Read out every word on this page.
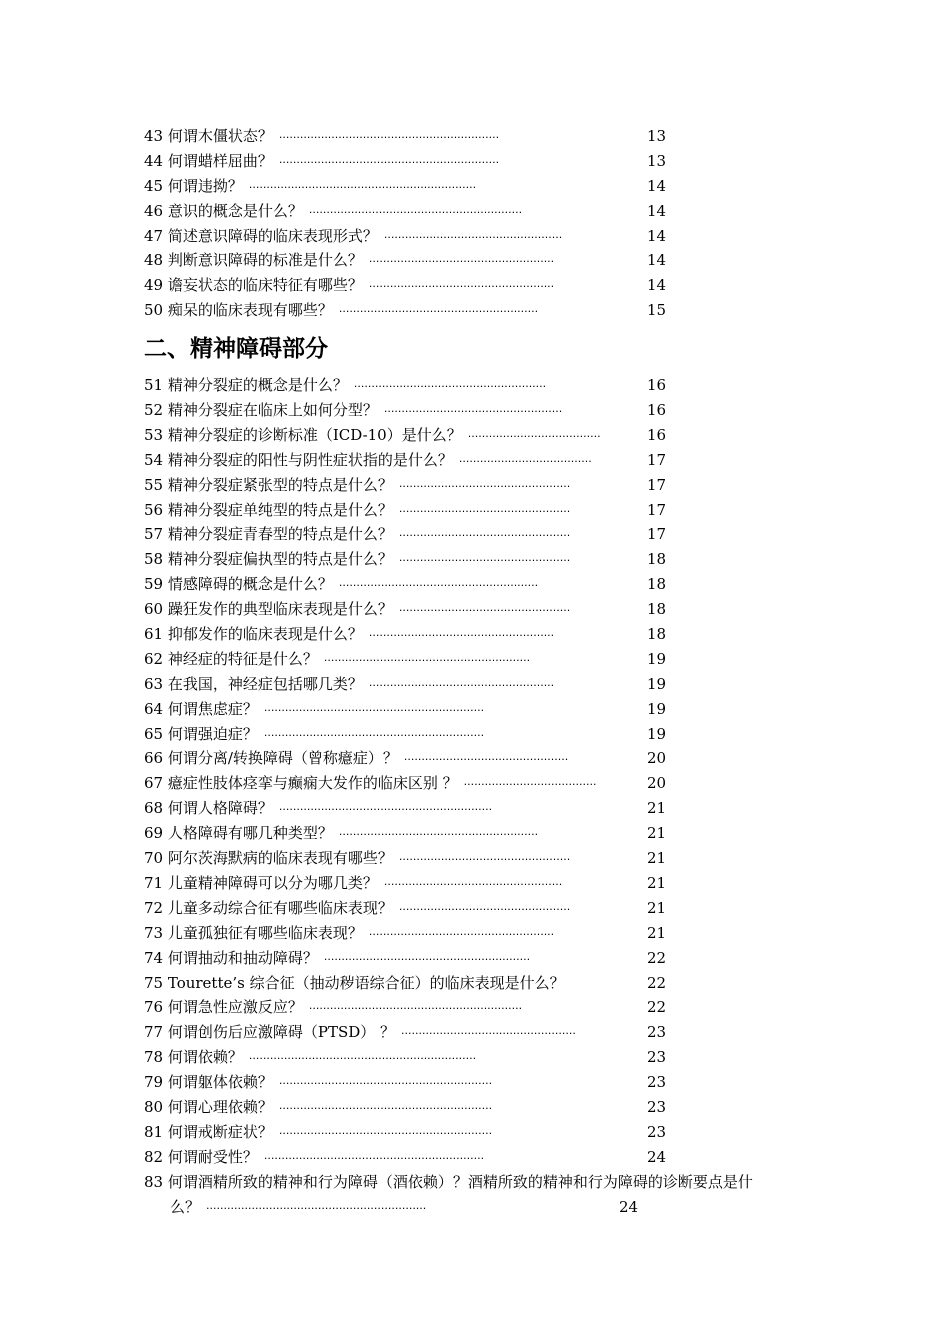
43 何谓木僵状态？ ·······························································	13
44 何谓蜡样屈曲？ ·······························································	13
45 何谓违拗？ ·································································	14
46 意识的概念是什么？ ·····························································	14
47 简述意识障碍的临床表现形式？ ···················································	14
48 判断意识障碍的标准是什么？ ·····················································	14
49 谵妄状态的临床特征有哪些？ ·····················································	14
50 痴呆的临床表现有哪些？ ·························································	15
二、精神障碍部分
51 精神分裂症的概念是什么？ ·······················································	16
52 精神分裂症在临床上如何分型？ ···················································	16
53 精神分裂症的诊断标准（ICD-10）是什么？ ······································	16
54 精神分裂症的阳性与阴性症状指的是什么？ ······································	17
55 精神分裂症紧张型的特点是什么？ ·················································	17
56 精神分裂症单纯型的特点是什么？ ·················································	17
57 精神分裂症青春型的特点是什么？ ·················································	17
58 精神分裂症偏执型的特点是什么？ ·················································	18
59 情感障碍的概念是什么？ ·························································	18
60 躁狂发作的典型临床表现是什么？ ·················································	18
61 抑郁发作的临床表现是什么？ ·····················································	18
62 神经症的特征是什么？ ···························································	19
63 在我国，神经症包括哪几类？ ·····················································	19
64 何谓焦虑症？ ·······························································	19
65 何谓强迫症？ ·······························································	19
66 何谓分离/转换障碍（曾称癔症）？ ···············································	20
67 癔症性肢体痉挛与癫痫大发作的临床区别 ？ ······································	20
68 何谓人格障碍？ ·····························································	21
69 人格障碍有哪几种类型？ ·························································	21
70 阿尔茨海默病的临床表现有哪些？ ·················································	21
71 儿童精神障碍可以分为哪几类？ ···················································	21
72 儿童多动综合征有哪些临床表现？ ·················································	21
73 儿童孤独征有哪些临床表现？ ·····················································	21
74 何谓抽动和抽动障碍？ ···························································	22
75 Tourette’s 综合征（抽动秽语综合征）的临床表现是什么？	22
76 何谓急性应激反应？ ·····························································	22
77 何谓创伤后应激障碍（PTSD） ？ ··················································	23
78 何谓依赖？ ·································································	23
79 何谓躯体依赖？ ·····························································	23
80 何谓心理依赖？ ·····························································	23
81 何谓戒断症状？ ·····························································	23
82 何谓耐受性？ ·······························································	24
83 何谓酒精所致的精神和行为障碍（酒依赖）？酒精所致的精神和行为障碍的诊断要点是什
么？ ·······························································	24
